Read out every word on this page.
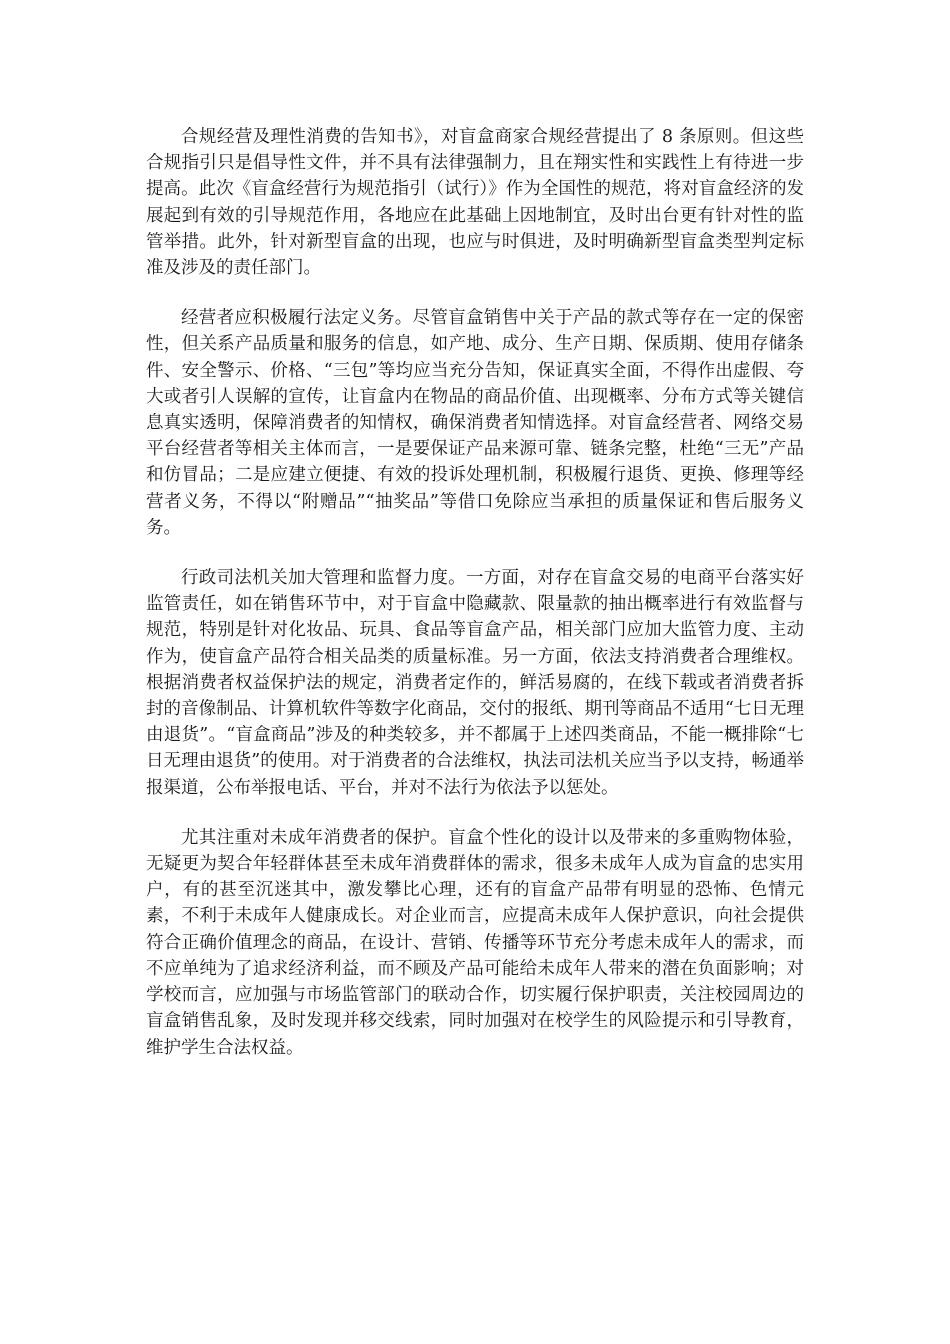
合规经营及理性消费的告知书》，对盲盒商家合规经营提出了 8 条原则。但这些合规指引只是倡导性文件，并不具有法律强制力，且在翔实性和实践性上有待进一步提高。此次《盲盒经营行为规范指引（试行）》作为全国性的规范，将对盲盒经济的发展起到有效的引导规范作用，各地应在此基础上因地制宜，及时出台更有针对性的监管举措。此外，针对新型盲盒的出现，也应与时俱进，及时明确新型盲盒类型判定标准及涉及的责任部门。

经营者应积极履行法定义务。尽管盲盒销售中关于产品的款式等存在一定的保密性，但关系产品质量和服务的信息，如产地、成分、生产日期、保质期、使用存储条件、安全警示、价格、“三包”等均应当充分告知，保证真实全面，不得作出虚假、夸大或者引人误解的宣传，让盲盒内在物品的商品价值、出现概率、分布方式等关键信息真实透明，保障消费者的知情权，确保消费者知情选择。对盲盒经营者、网络交易平台经营者等相关主体而言，一是要保证产品来源可靠、链条完整，杜绝“三无”产品和仿冒品；二是应建立便捷、有效的投诉处理机制，积极履行退货、更换、修理等经营者义务，不得以“附赠品”“抽奖品”等借口免除应当承担的质量保证和售后服务义务。

行政司法机关加大管理和监督力度。一方面，对存在盲盒交易的电商平台落实好监管责任，如在销售环节中，对于盲盒中隐藏款、限量款的抽出概率进行有效监督与规范，特别是针对化妆品、玩具、食品等盲盒产品，相关部门应加大监管力度、主动作为，使盲盒产品符合相关品类的质量标准。另一方面，依法支持消费者合理维权。根据消费者权益保护法的规定，消费者定作的，鲜活易腐的，在线下载或者消费者拆封的音像制品、计算机软件等数字化商品，交付的报纸、期刊等商品不适用“七日无理由退货”。“盲盒商品”涉及的种类较多，并不都属于上述四类商品，不能一概排除“七日无理由退货”的使用。对于消费者的合法维权，执法司法机关应当予以支持，畅通举报渠道，公布举报电话、平台，并对不法行为依法予以惩处。

尤其注重对未成年消费者的保护。盲盒个性化的设计以及带来的多重购物体验，无疑更为契合年轻群体甚至未成年消费群体的需求，很多未成年人成为盲盒的忠实用户，有的甚至沉迷其中，激发攀比心理，还有的盲盒产品带有明显的恐怖、色情元素，不利于未成年人健康成长。对企业而言，应提高未成年人保护意识，向社会提供符合正确价值理念的商品，在设计、营销、传播等环节充分考虑未成年人的需求，而不应单纯为了追求经济利益，而不顾及产品可能给未成年人带来的潜在负面影响；对学校而言，应加强与市场监管部门的联动合作，切实履行保护职责，关注校园周边的盲盒销售乱象，及时发现并移交线索，同时加强对在校学生的风险提示和引导教育，维护学生合法权益。
